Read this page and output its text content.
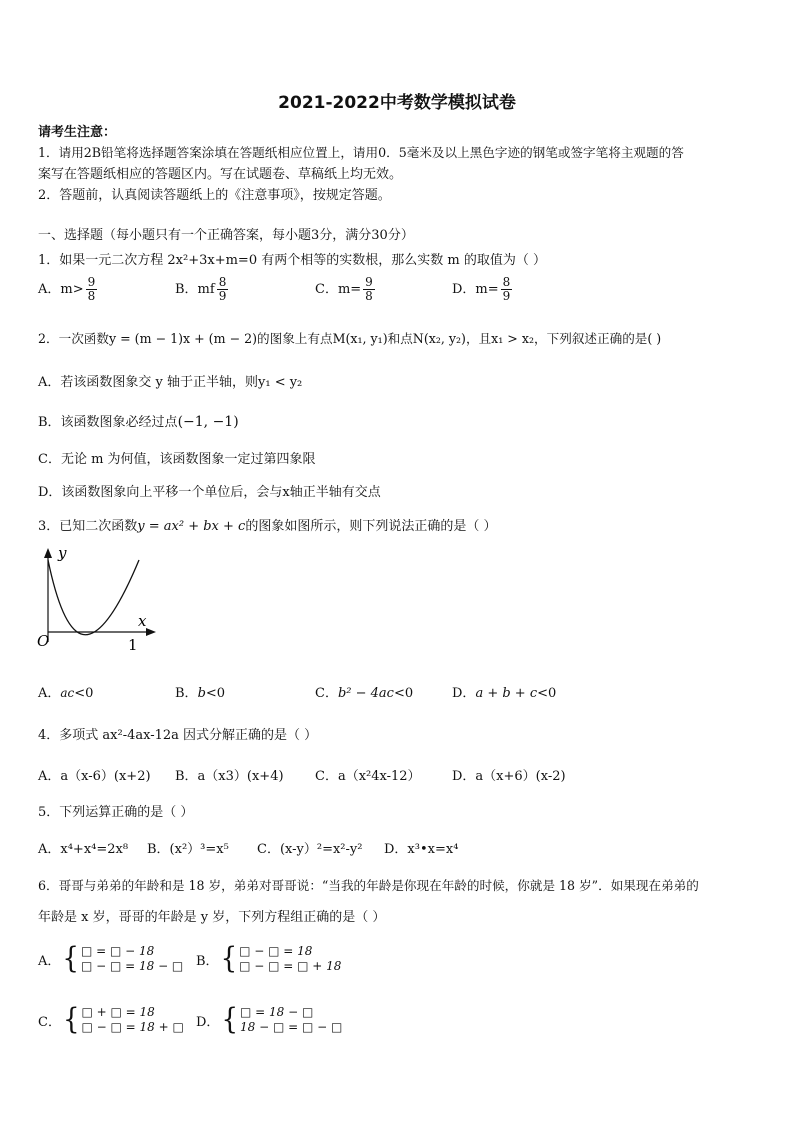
2021-2022中考数学模拟试卷
请考生注意：
1．请用2B铅笔将选择题答案涂填在答题纸相应位置上，请用0．5毫米及以上黑色字迹的钢笔或签字笔将主观题的答
案写在答题纸相应的答题区内。写在试题卷、草稿纸上均无效。
2．答题前，认真阅读答题纸上的《注意事项》，按规定答题。
一、选择题（每小题只有一个正确答案，每小题3分，满分30分）
1．如果一元二次方程 2x²+3x+m=0 有两个相等的实数根，那么实数 m 的取值为（ ）
A．$m> \frac{9}{8}$	B．mf $\frac{8}{9}$	C．$m= \frac{9}{8}$	D．$m= \frac{8}{9}$
2．一次函数y = (m − 1)x + (m − 2)的图象上有点M(x₁, y₁)和点N(x₂, y₂)，且x₁ > x₂，下列叙述正确的是( )
A．若该函数图象交 y 轴于正半轴，则y₁ < y₂
B．该函数图象必经过点(−1, −1)
C．无论 m 为何值，该函数图象一定过第四象限
D．该函数图象向上平移一个单位后，会与x轴正半轴有交点
3．已知二次函数y = ax² + bx + c的图象如图所示，则下列说法正确的是（ ）
y
x
O	1
A．ac<0	B．b<0	C．b² − 4ac<0	D．a + b + c<0
4．多项式 ax²-4ax-12a 因式分解正确的是（ ）
A．a（x-6）(x+2) B．a（x3）(x+4) C．a（x²4x-12） D．a（x+6）(x-2)
5．下列运算正确的是（ ）
A．x⁴+x⁴=2x⁸ B．(x²）³=x⁵ C．(x-y）²=x²-y² D．x³•x=x⁴
6．哥哥与弟弟的年龄和是 18 岁，弟弟对哥哥说：“当我的年龄是你现在年龄的时候，你就是 18 岁”．如果现在弟弟的
年龄是 x 岁，哥哥的年龄是 y 岁，下列方程组正确的是（ ）
A． { □ = □ − 18
□ − □ = 18 − □ B． { □ − □ = 18
□ − □ = □ + 18
C． { □ + □ = 18
□ − □ = 18 + □ D． { □ = 18 − □
18 − □ = □ − □
